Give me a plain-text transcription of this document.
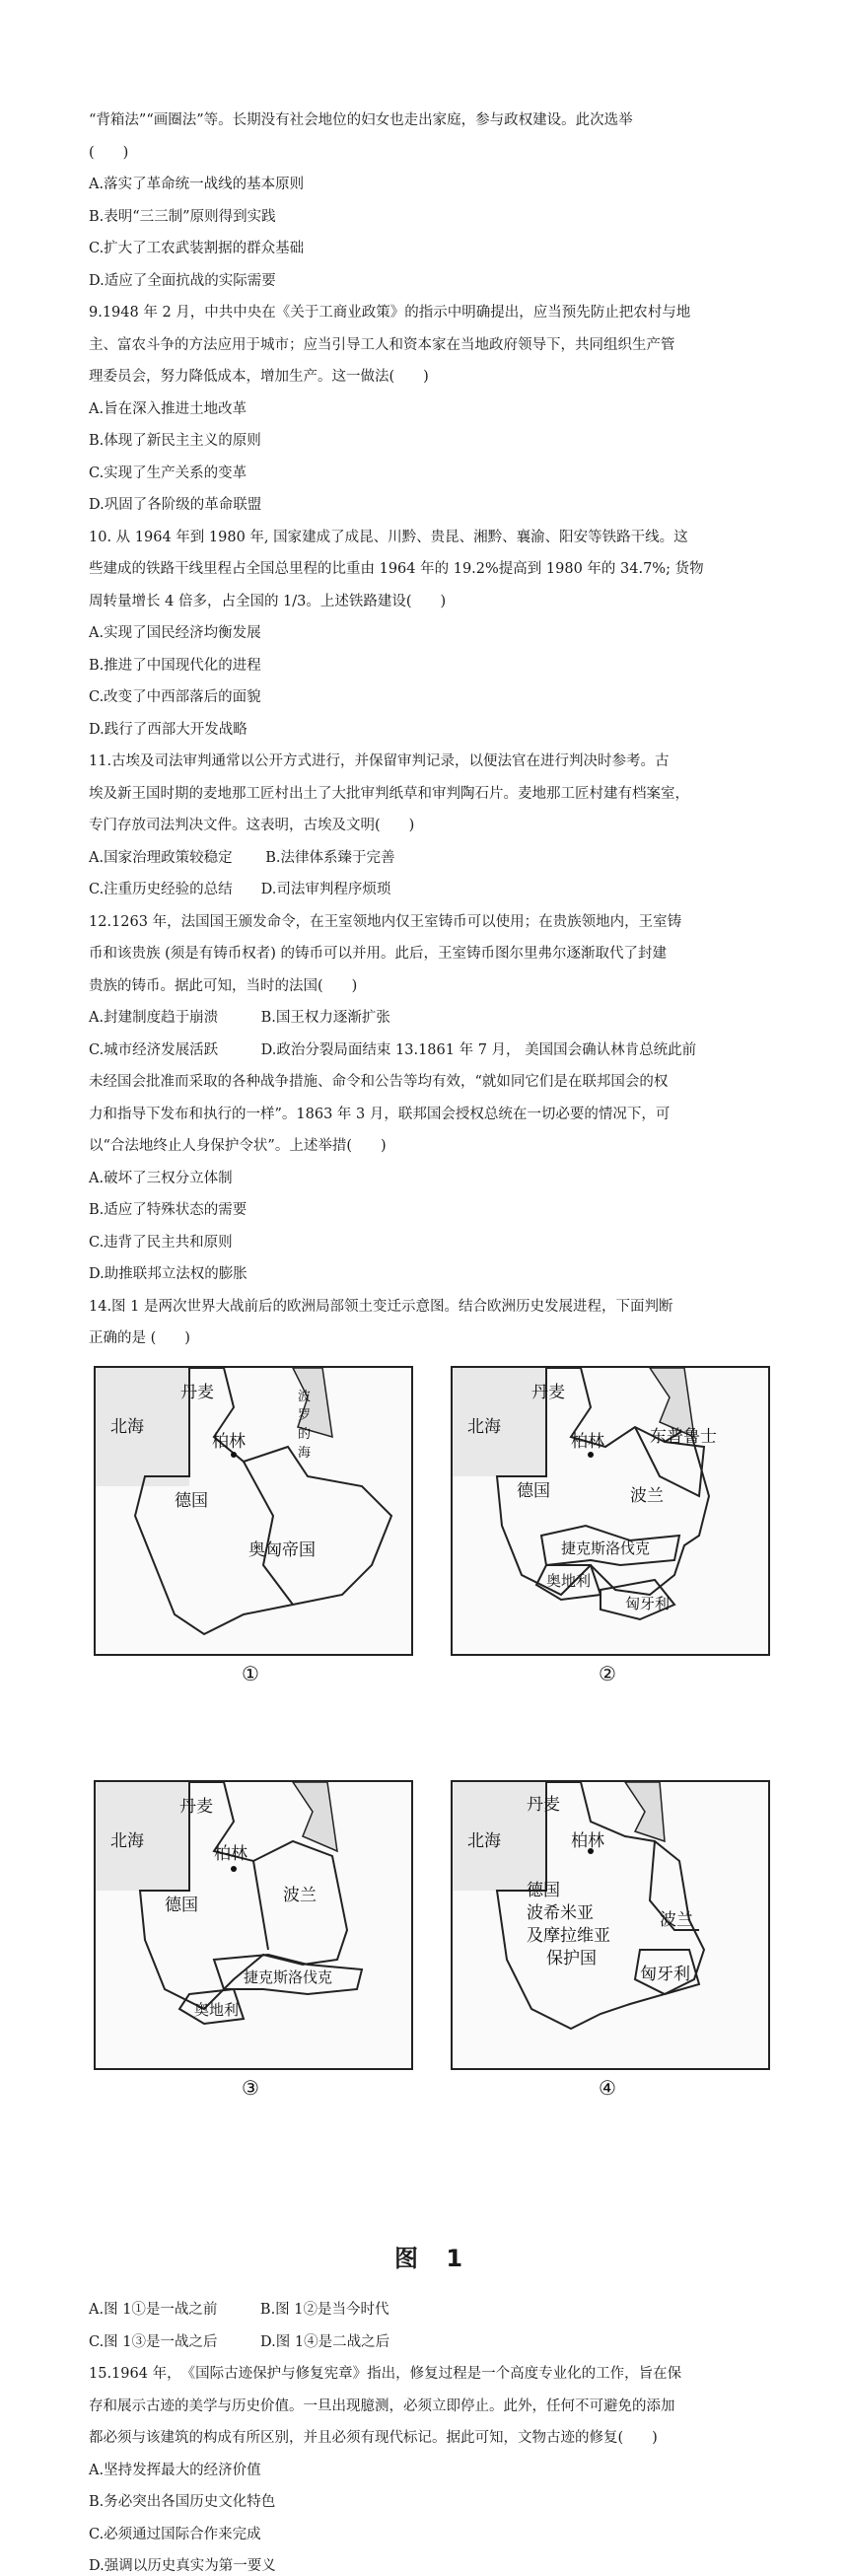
“背箱法”“画圈法”等。长期没有社会地位的妇女也走出家庭，参与政权建设。此次选举
(　　)
A.落实了革命统一战线的基本原则
B.表明“三三制”原则得到实践
C.扩大了工农武装割据的群众基础
D.适应了全面抗战的实际需要
9.1948 年 2 月，中共中央在《关于工商业政策》的指示中明确提出，应当预先防止把农村与地
主、富农斗争的方法应用于城市；应当引导工人和资本家在当地政府领导下，共同组织生产管
理委员会，努力降低成本，增加生产。这一做法(　　)
A.旨在深入推进土地改革
B.体现了新民主主义的原则
C.实现了生产关系的变革
D.巩固了各阶级的革命联盟
10. 从 1964 年到 1980 年, 国家建成了成昆、川黔、贵昆、湘黔、襄渝、阳安等铁路干线。这
些建成的铁路干线里程占全国总里程的比重由 1964 年的 19.2%提高到 1980 年的 34.7%; 货物
周转量增长 4 倍多，占全国的 1/3。上述铁路建设(　　)
A.实现了国民经济均衡发展
B.推进了中国现代化的进程
C.改变了中西部落后的面貌
D.践行了西部大开发战略
11.古埃及司法审判通常以公开方式进行，并保留审判记录，以便法官在进行判决时参考。古
埃及新王国时期的麦地那工匠村出土了大批审判纸草和审判陶石片。麦地那工匠村建有档案室，
专门存放司法判决文件。这表明，古埃及文明(　　)
A.国家治理政策较稳定　　 B.法律体系臻于完善
C.注重历史经验的总结　　D.司法审判程序烦琐
12.1263 年，法国国王颁发命令，在王室领地内仅王室铸币可以使用；在贵族领地内，王室铸
币和该贵族 (须是有铸币权者) 的铸币可以并用。此后，王室铸币图尔里弗尔逐渐取代了封建
贵族的铸币。据此可知，当时的法国(　　)
A.封建制度趋于崩溃　　　B.国王权力逐渐扩张
C.城市经济发展活跃　　　D.政治分裂局面结束 13.1861 年 7 月， 美国国会确认林肯总统此前
未经国会批准而采取的各种战争措施、命令和公告等均有效，“就如同它们是在联邦国会的权
力和指导下发布和执行的一样”。1863 年 3 月，联邦国会授权总统在一切必要的情况下，可
以“合法地终止人身保护令状”。上述举措(　　)
A.破坏了三权分立体制
B.适应了特殊状态的需要
C.违背了民主共和原则
D.助推联邦立法权的膨胀
14.图 1 是两次世界大战前后的欧洲局部领土变迁示意图。结合欧洲历史发展进程，下面判断
正确的是 (　　)
丹麦
北海
波罗的海
柏林
德国
奥匈帝国
①
丹麦
北海	东普鲁士
柏林
德国	波兰
捷克斯洛伐克
奥地利
匈牙利
②
丹麦
北海
柏林
德国	波兰
捷克斯洛伐克
奥地利
③
丹麦
北海	柏林
德国
波希米亚
及摩拉维亚
保护国
波兰
匈牙利
④
图 1
A.图 1①是一战之前　　　B.图 1②是当今时代
C.图 1③是一战之后　　　D.图 1④是二战之后
15.1964 年，　《国际古迹保护与修复宪章》指出，修复过程是一个高度专业化的工作，旨在保
存和展示古迹的美学与历史价值。一旦出现臆测，必须立即停止。此外，任何不可避免的添加
都必须与该建筑的构成有所区别，并且必须有现代标记。据此可知，文物古迹的修复(　　)
A.坚持发挥最大的经济价值
B.务必突出各国历史文化特色
C.必须通过国际合作来完成
D.强调以历史真实为第一要义
